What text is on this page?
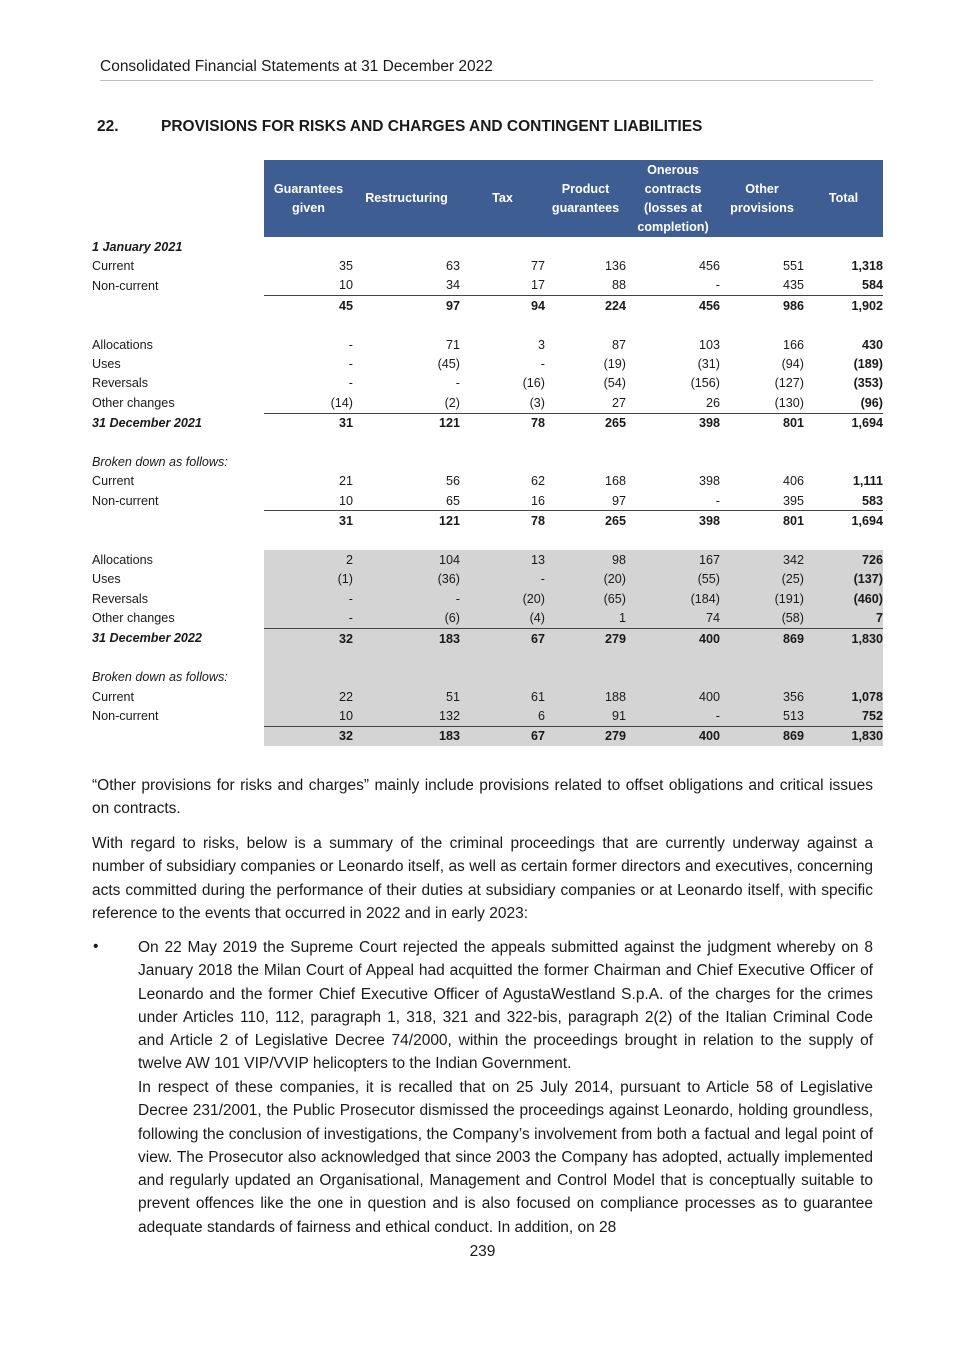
Consolidated Financial Statements at 31 December 2022
22.	PROVISIONS FOR RISKS AND CHARGES AND CONTINGENT LIABILITIES
	Guarantees given	Restructuring	Tax	Product guarantees	Onerous contracts (losses at completion)	Other provisions	Total
1 January 2021							
Current	35	63	77	136	456	551	1,318
Non-current	10	34	17	88	-	435	584
	45	97	94	224	456	986	1,902

Allocations	-	71	3	87	103	166	430
Uses	-	(45)	-	(19)	(31)	(94)	(189)
Reversals	-	-	(16)	(54)	(156)	(127)	(353)
Other changes	(14)	(2)	(3)	27	26	(130)	(96)
31 December 2021	31	121	78	265	398	801	1,694

Broken down as follows:							
Current	21	56	62	168	398	406	1,111
Non-current	10	65	16	97	-	395	583
	31	121	78	265	398	801	1,694

Allocations	2	104	13	98	167	342	726
Uses	(1)	(36)	-	(20)	(55)	(25)	(137)
Reversals	-	-	(20)	(65)	(184)	(191)	(460)
Other changes	-	(6)	(4)	1	74	(58)	7
31 December 2022	32	183	67	279	400	869	1,830

Broken down as follows:							
Current	22	51	61	188	400	356	1,078
Non-current	10	132	6	91	-	513	752
	32	183	67	279	400	869	1,830
“Other provisions for risks and charges” mainly include provisions related to offset obligations and critical issues on contracts.
With regard to risks, below is a summary of the criminal proceedings that are currently underway against a number of subsidiary companies or Leonardo itself, as well as certain former directors and executives, concerning acts committed during the performance of their duties at subsidiary companies or at Leonardo itself, with specific reference to the events that occurred in 2022 and in early 2023:
•	On 22 May 2019 the Supreme Court rejected the appeals submitted against the judgment whereby on 8 January 2018 the Milan Court of Appeal had acquitted the former Chairman and Chief Executive Officer of Leonardo and the former Chief Executive Officer of AgustaWestland S.p.A. of the charges for the crimes under Articles 110, 112, paragraph 1, 318, 321 and 322-bis, paragraph 2(2) of the Italian Criminal Code and Article 2 of Legislative Decree 74/2000, within the proceedings brought in relation to the supply of twelve AW 101 VIP/VVIP helicopters to the Indian Government.
In respect of these companies, it is recalled that on 25 July 2014, pursuant to Article 58 of Legislative Decree 231/2001, the Public Prosecutor dismissed the proceedings against Leonardo, holding groundless, following the conclusion of investigations, the Company’s involvement from both a factual and legal point of view. The Prosecutor also acknowledged that since 2003 the Company has adopted, actually implemented and regularly updated an Organisational, Management and Control Model that is conceptually suitable to prevent offences like the one in question and is also focused on compliance processes as to guarantee adequate standards of fairness and ethical conduct. In addition, on 28
239
